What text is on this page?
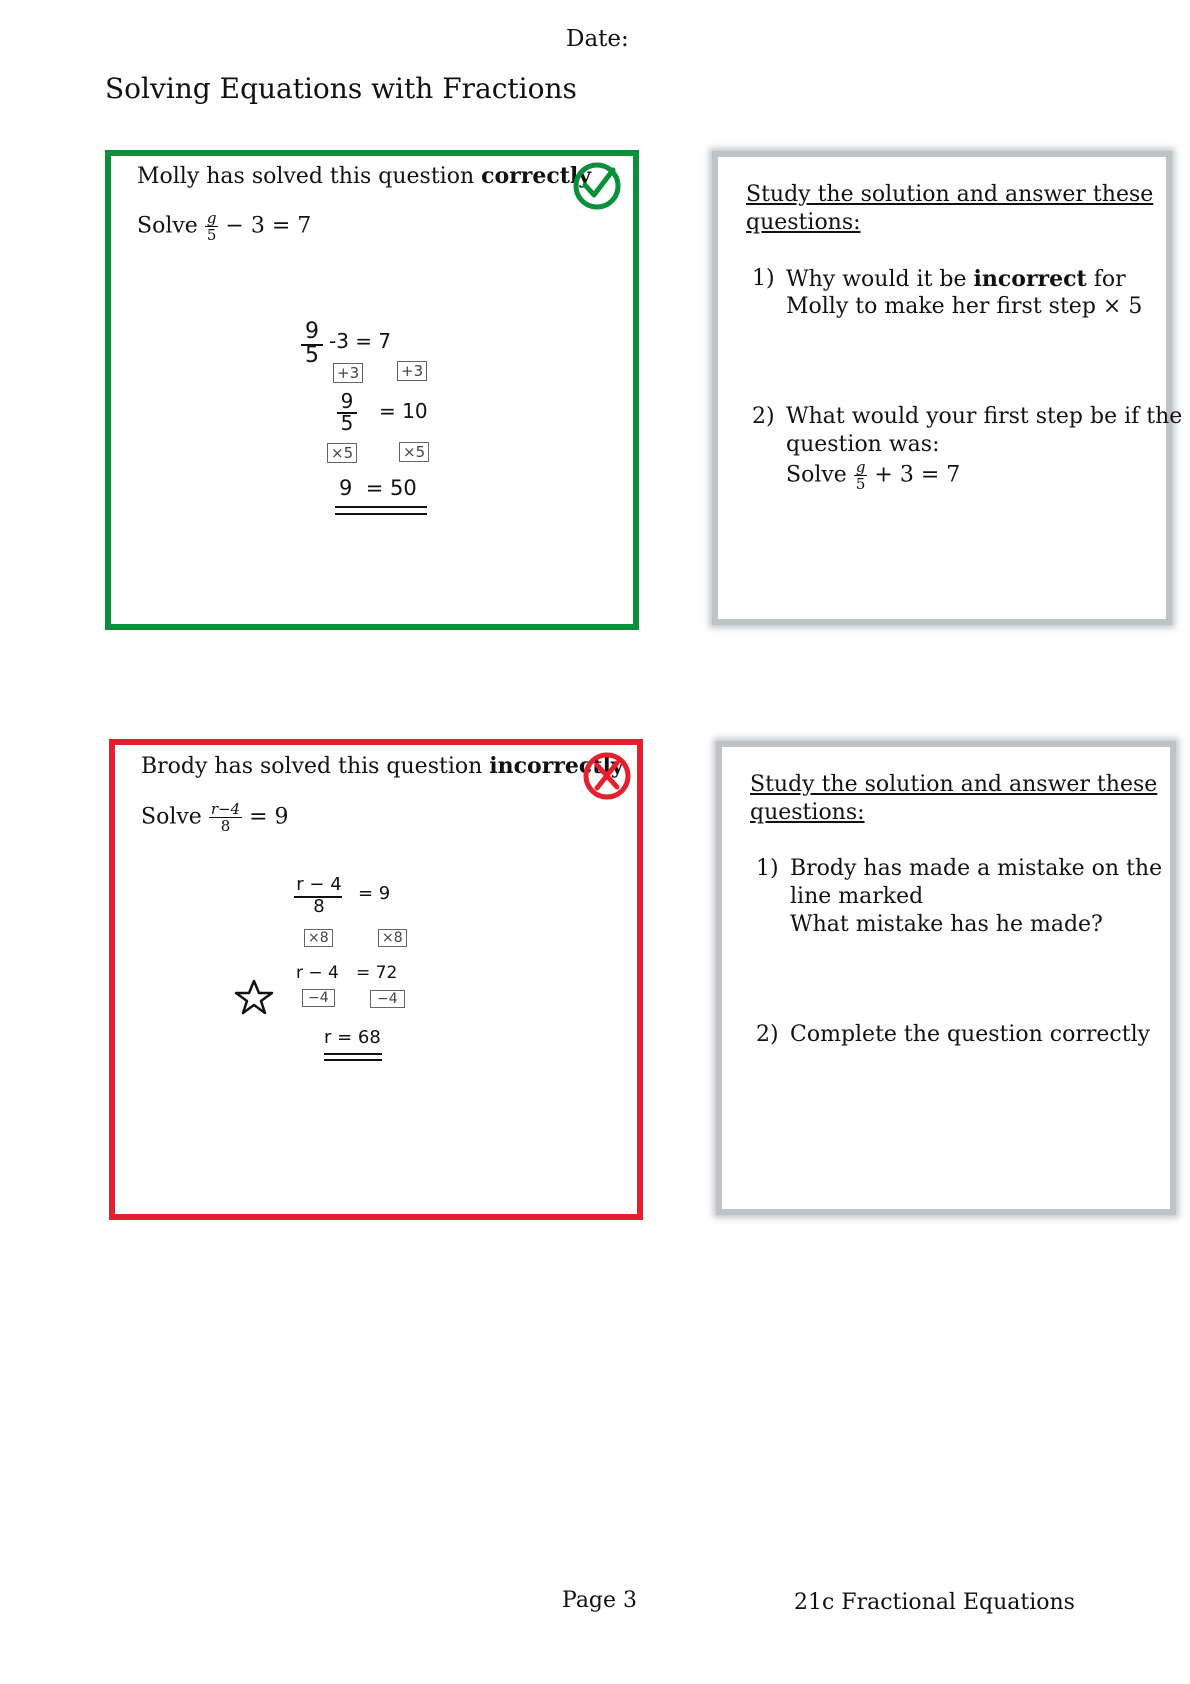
Date:
Solving Equations with Fractions
Molly has solved this question correctly
Solve $\frac{g}{5} - 3 = 7$
9
5
-3 = 7
+3	+3
9
5 = 10
×5	×5
9  = 50
Study the solution and answer these
questions:
1) Why would it be incorrect for
Molly to make her first step × 5
2) What would your first step be if the
question was:
Solve $\frac{g}{5} + 3 = 7$
Brody has solved this question incorrectly
Solve $\frac{r-4}{8} = 9$
r − 4
8
= 9
×8	×8
r − 4 = 72
−4	−4
r = 68
Study the solution and answer these
questions:
1) Brody has made a mistake on the
line marked
What mistake has he made?
2) Complete the question correctly
Page 3	21c Fractional Equations
